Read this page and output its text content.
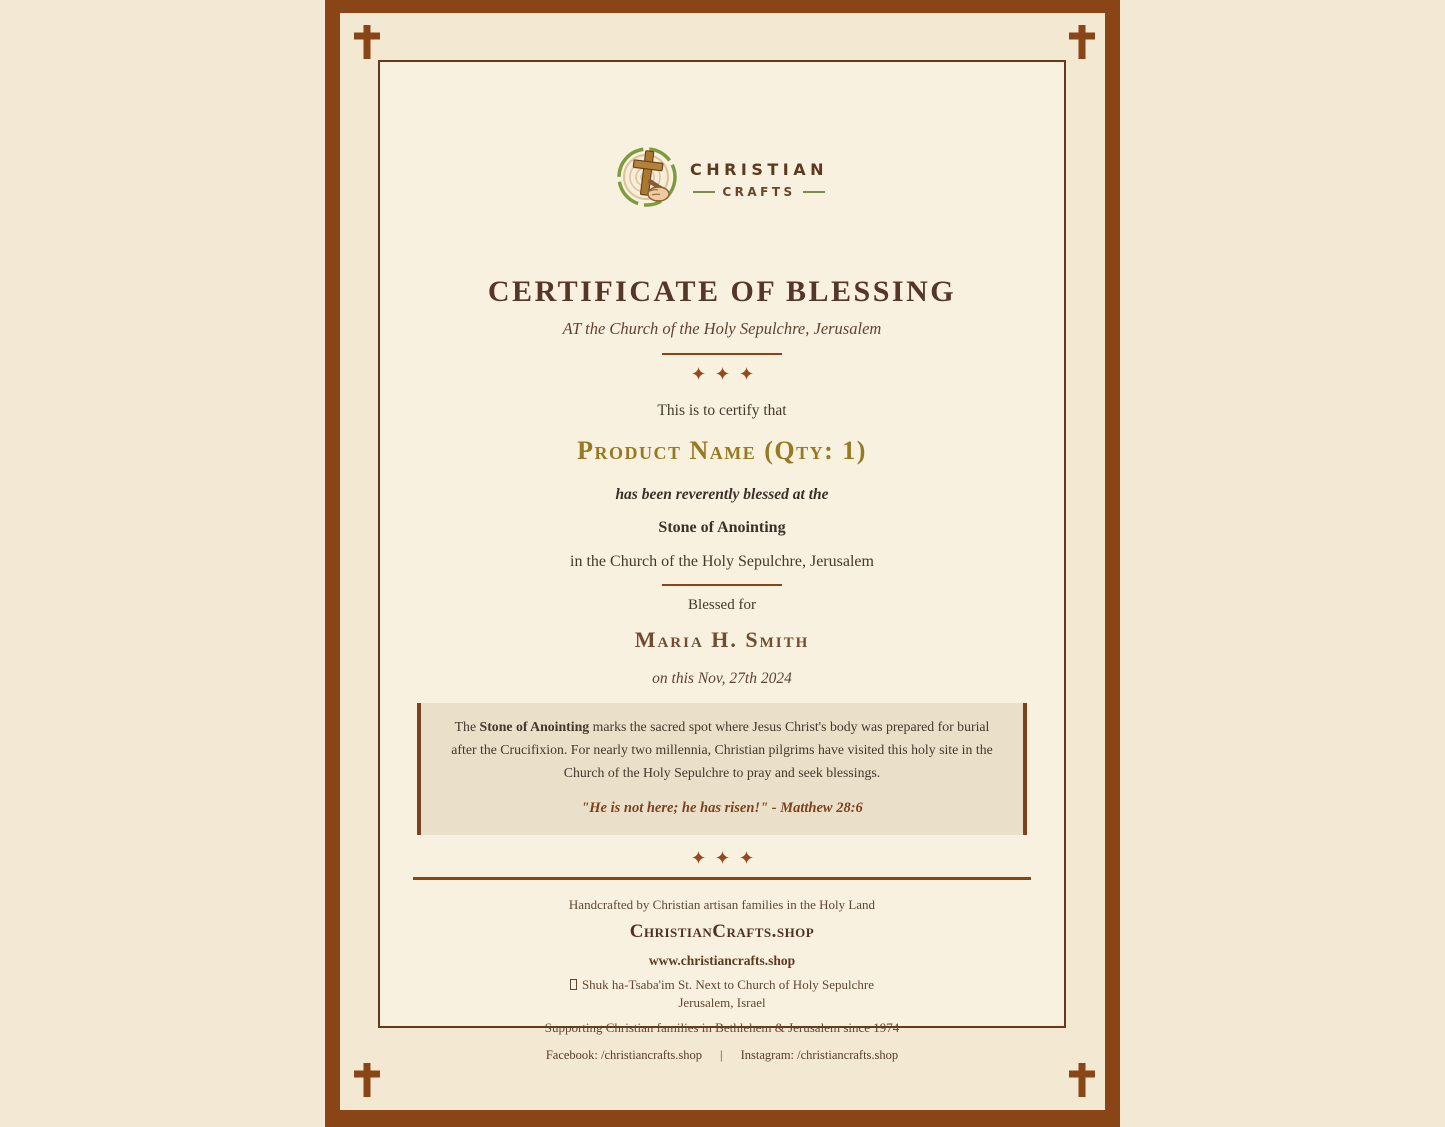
CHRISTIAN
CRAFTS
CERTIFICATE OF BLESSING
AT the Church of the Holy Sepulchre, Jerusalem
This is to certify that
Product Name (Qty: 1)
has been reverently blessed at the
Stone of Anointing
in the Church of the Holy Sepulchre, Jerusalem
Blessed for
Maria H. Smith
on this Nov, 27th 2024
The Stone of Anointing marks the sacred spot where Jesus Christ's body was prepared for burial after the Crucifixion. For nearly two millennia, Christian pilgrims have visited this holy site in the Church of the Holy Sepulchre to pray and seek blessings.
"He is not here; he has risen!" - Matthew 28:6
Handcrafted by Christian artisan families in the Holy Land
ChristianCrafts.shop
www.christiancrafts.shop
Shuk ha-Tsaba'im St. Next to Church of Holy Sepulchre
Jerusalem, Israel
Supporting Christian families in Bethlehem & Jerusalem since 1974
Facebook: /christiancrafts.shop | Instagram: /christiancrafts.shop
